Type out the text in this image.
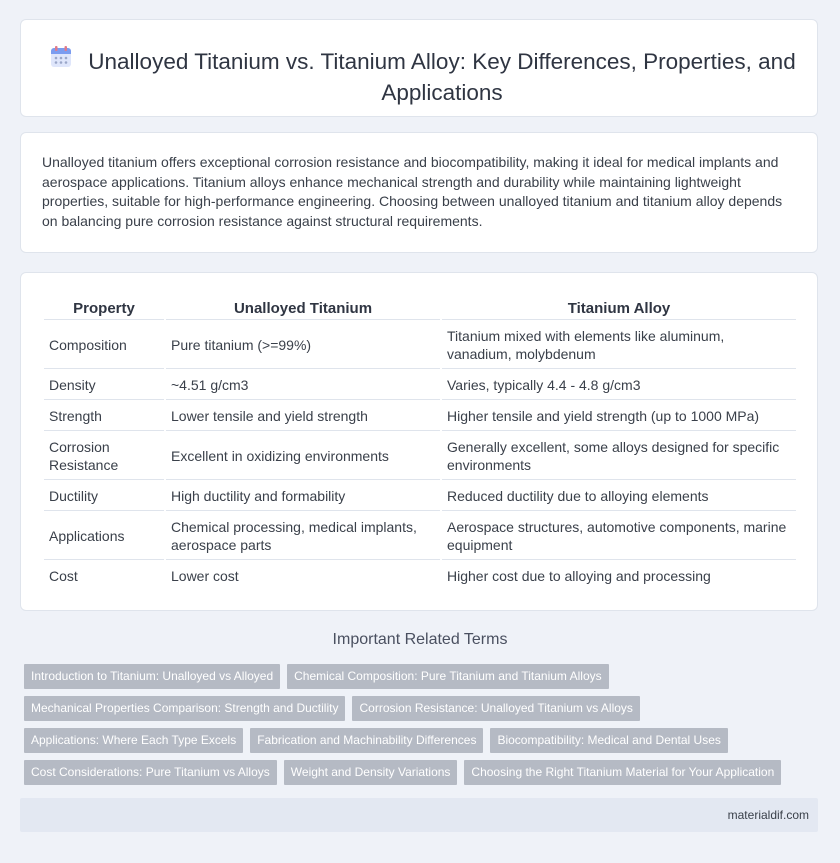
Unalloyed Titanium vs. Titanium Alloy: Key Differences, Properties, and Applications

Unalloyed titanium offers exceptional corrosion resistance and biocompatibility, making it ideal for medical implants and aerospace applications. Titanium alloys enhance mechanical strength and durability while maintaining lightweight properties, suitable for high-performance engineering. Choosing between unalloyed titanium and titanium alloy depends on balancing pure corrosion resistance against structural requirements.

Property	Unalloyed Titanium	Titanium Alloy
Composition	Pure titanium (>=99%)	Titanium mixed with elements like aluminum, vanadium, molybdenum
Density	~4.51 g/cm3	Varies, typically 4.4 - 4.8 g/cm3
Strength	Lower tensile and yield strength	Higher tensile and yield strength (up to 1000 MPa)
Corrosion Resistance	Excellent in oxidizing environments	Generally excellent, some alloys designed for specific environments
Ductility	High ductility and formability	Reduced ductility due to alloying elements
Applications	Chemical processing, medical implants, aerospace parts	Aerospace structures, automotive components, marine equipment
Cost	Lower cost	Higher cost due to alloying and processing
Important Related Terms
Introduction to Titanium: Unalloyed vs Alloyed	Chemical Composition: Pure Titanium and Titanium Alloys
Mechanical Properties Comparison: Strength and Ductility	Corrosion Resistance: Unalloyed Titanium vs Alloys
Applications: Where Each Type Excels	Fabrication and Machinability Differences	Biocompatibility: Medical and Dental Uses
Cost Considerations: Pure Titanium vs Alloys	Weight and Density Variations	Choosing the Right Titanium Material for Your Application
materialdif.com
